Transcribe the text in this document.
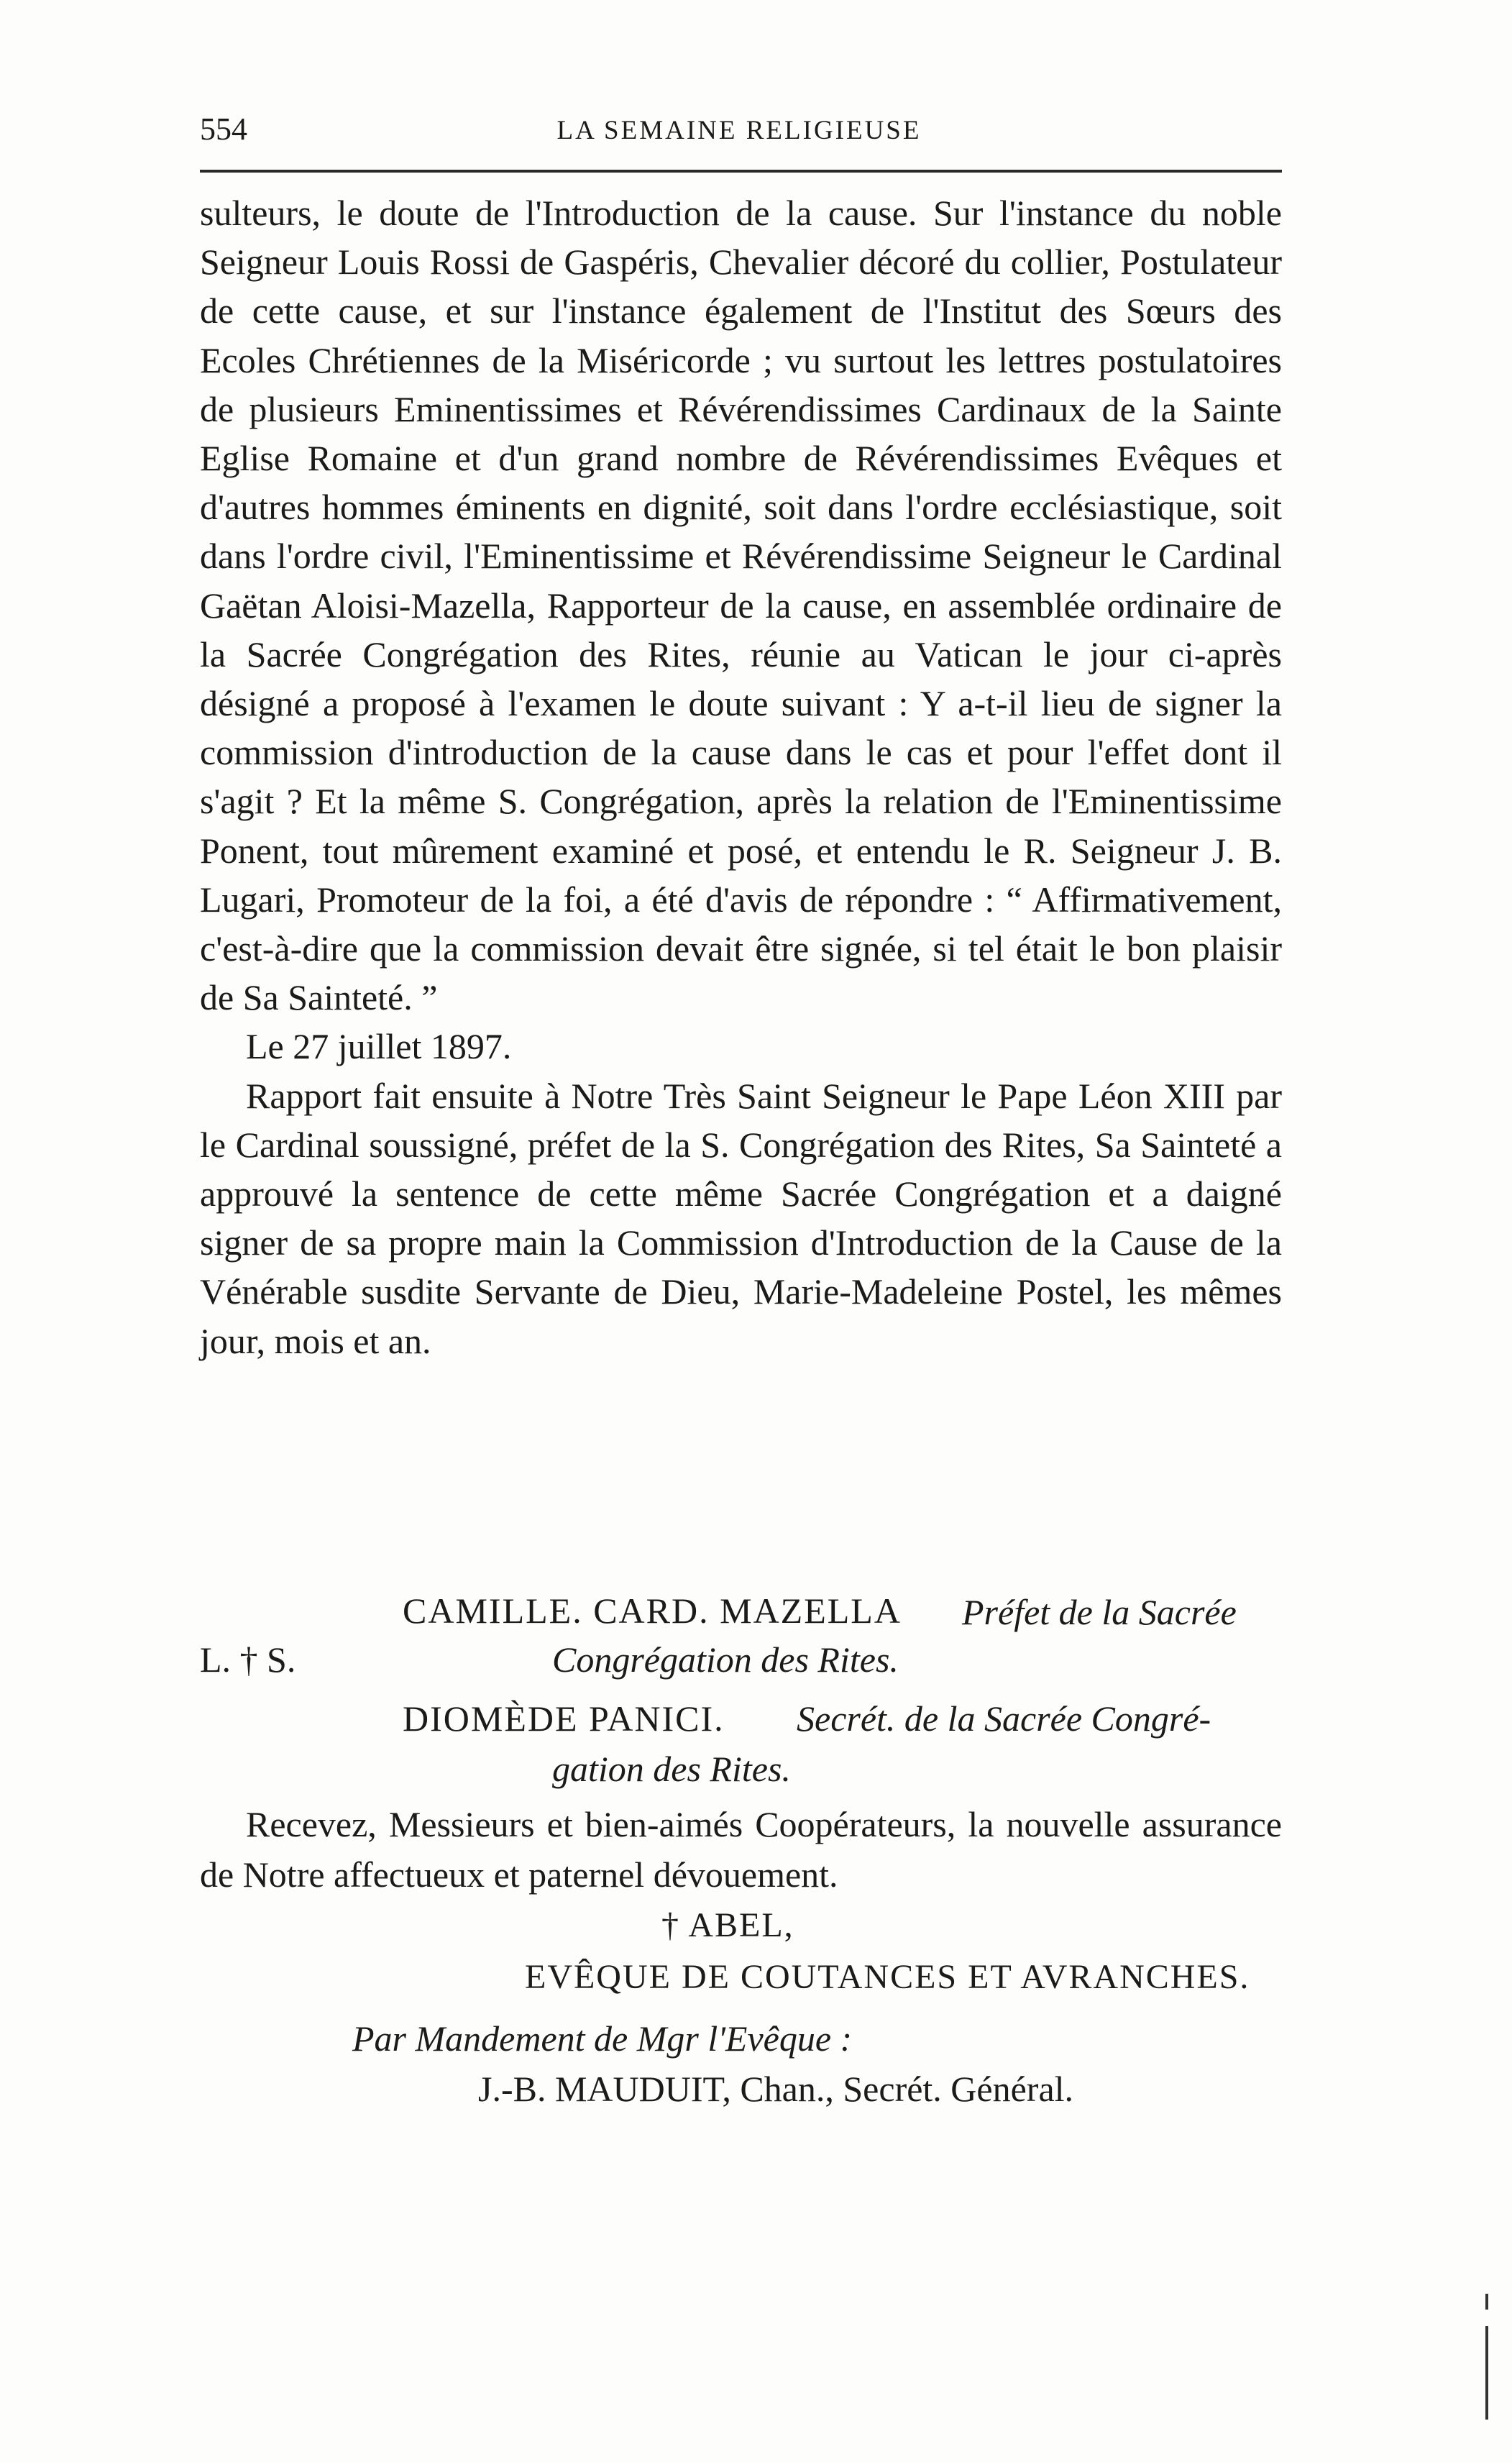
554	LA SEMAINE RELIGIEUSE

sulteurs, le doute de l'Introduction de la cause. Sur l'instance du noble Seigneur Louis Rossi de Gaspéris, Chevalier décoré du collier, Postulateur de cette cause, et sur l'instance également de l'Institut des Sœurs des Ecoles Chrétiennes de la Miséricorde ; vu surtout les lettres postulatoires de plusieurs Eminentissimes et Révérendissimes Cardinaux de la Sainte Eglise Romaine et d'un grand nombre de Révérendissimes Evêques et d'autres hommes éminents en dignité, soit dans l'ordre ecclésiastique, soit dans l'ordre civil, l'Eminentissime et Révérendissime Seigneur le Cardinal Gaëtan Aloisi-Mazella, Rapporteur de la cause, en assemblée ordinaire de la Sacrée Congrégation des Rites, réunie au Vatican le jour ci-après désigné a proposé à l'examen le doute suivant : Y a-t-il lieu de signer la commission d'introduction de la cause dans le cas et pour l'effet dont il s'agit ? Et la même S. Congrégation, après la relation de l'Eminentissime Ponent, tout mûrement examiné et posé, et entendu le R. Seigneur J. B. Lugari, Promoteur de la foi, a été d'avis de répondre : “ Affirmativement, c'est-à-dire que la commission devait être signée, si tel était le bon plaisir de Sa Sainteté. ”

Le 27 juillet 1897.

Rapport fait ensuite à Notre Très Saint Seigneur le Pape Léon XIII par le Cardinal soussigné, préfet de la S. Congrégation des Rites, Sa Sainteté a approuvé la sentence de cette même Sacrée Congrégation et a daigné signer de sa propre main la Commission d'Introduction de la Cause de la Vénérable susdite Servante de Dieu, Marie-Madeleine Postel, les mêmes jour, mois et an.

CAMILLE. CARD. MAZELLA Préfet de la Sacrée
L. † S.	Congrégation des Rites.
DIOMÈDE PANICI. Secrét. de la Sacrée Congré-
gation des Rites.

Recevez, Messieurs et bien-aimés Coopérateurs, la nouvelle assurance de Notre affectueux et paternel dévouement.

† ABEL,
EVÊQUE DE COUTANCES ET AVRANCHES.
Par Mandement de Mgr l'Evêque :
J.-B. MAUDUIT, Chan., Secrét. Général.
